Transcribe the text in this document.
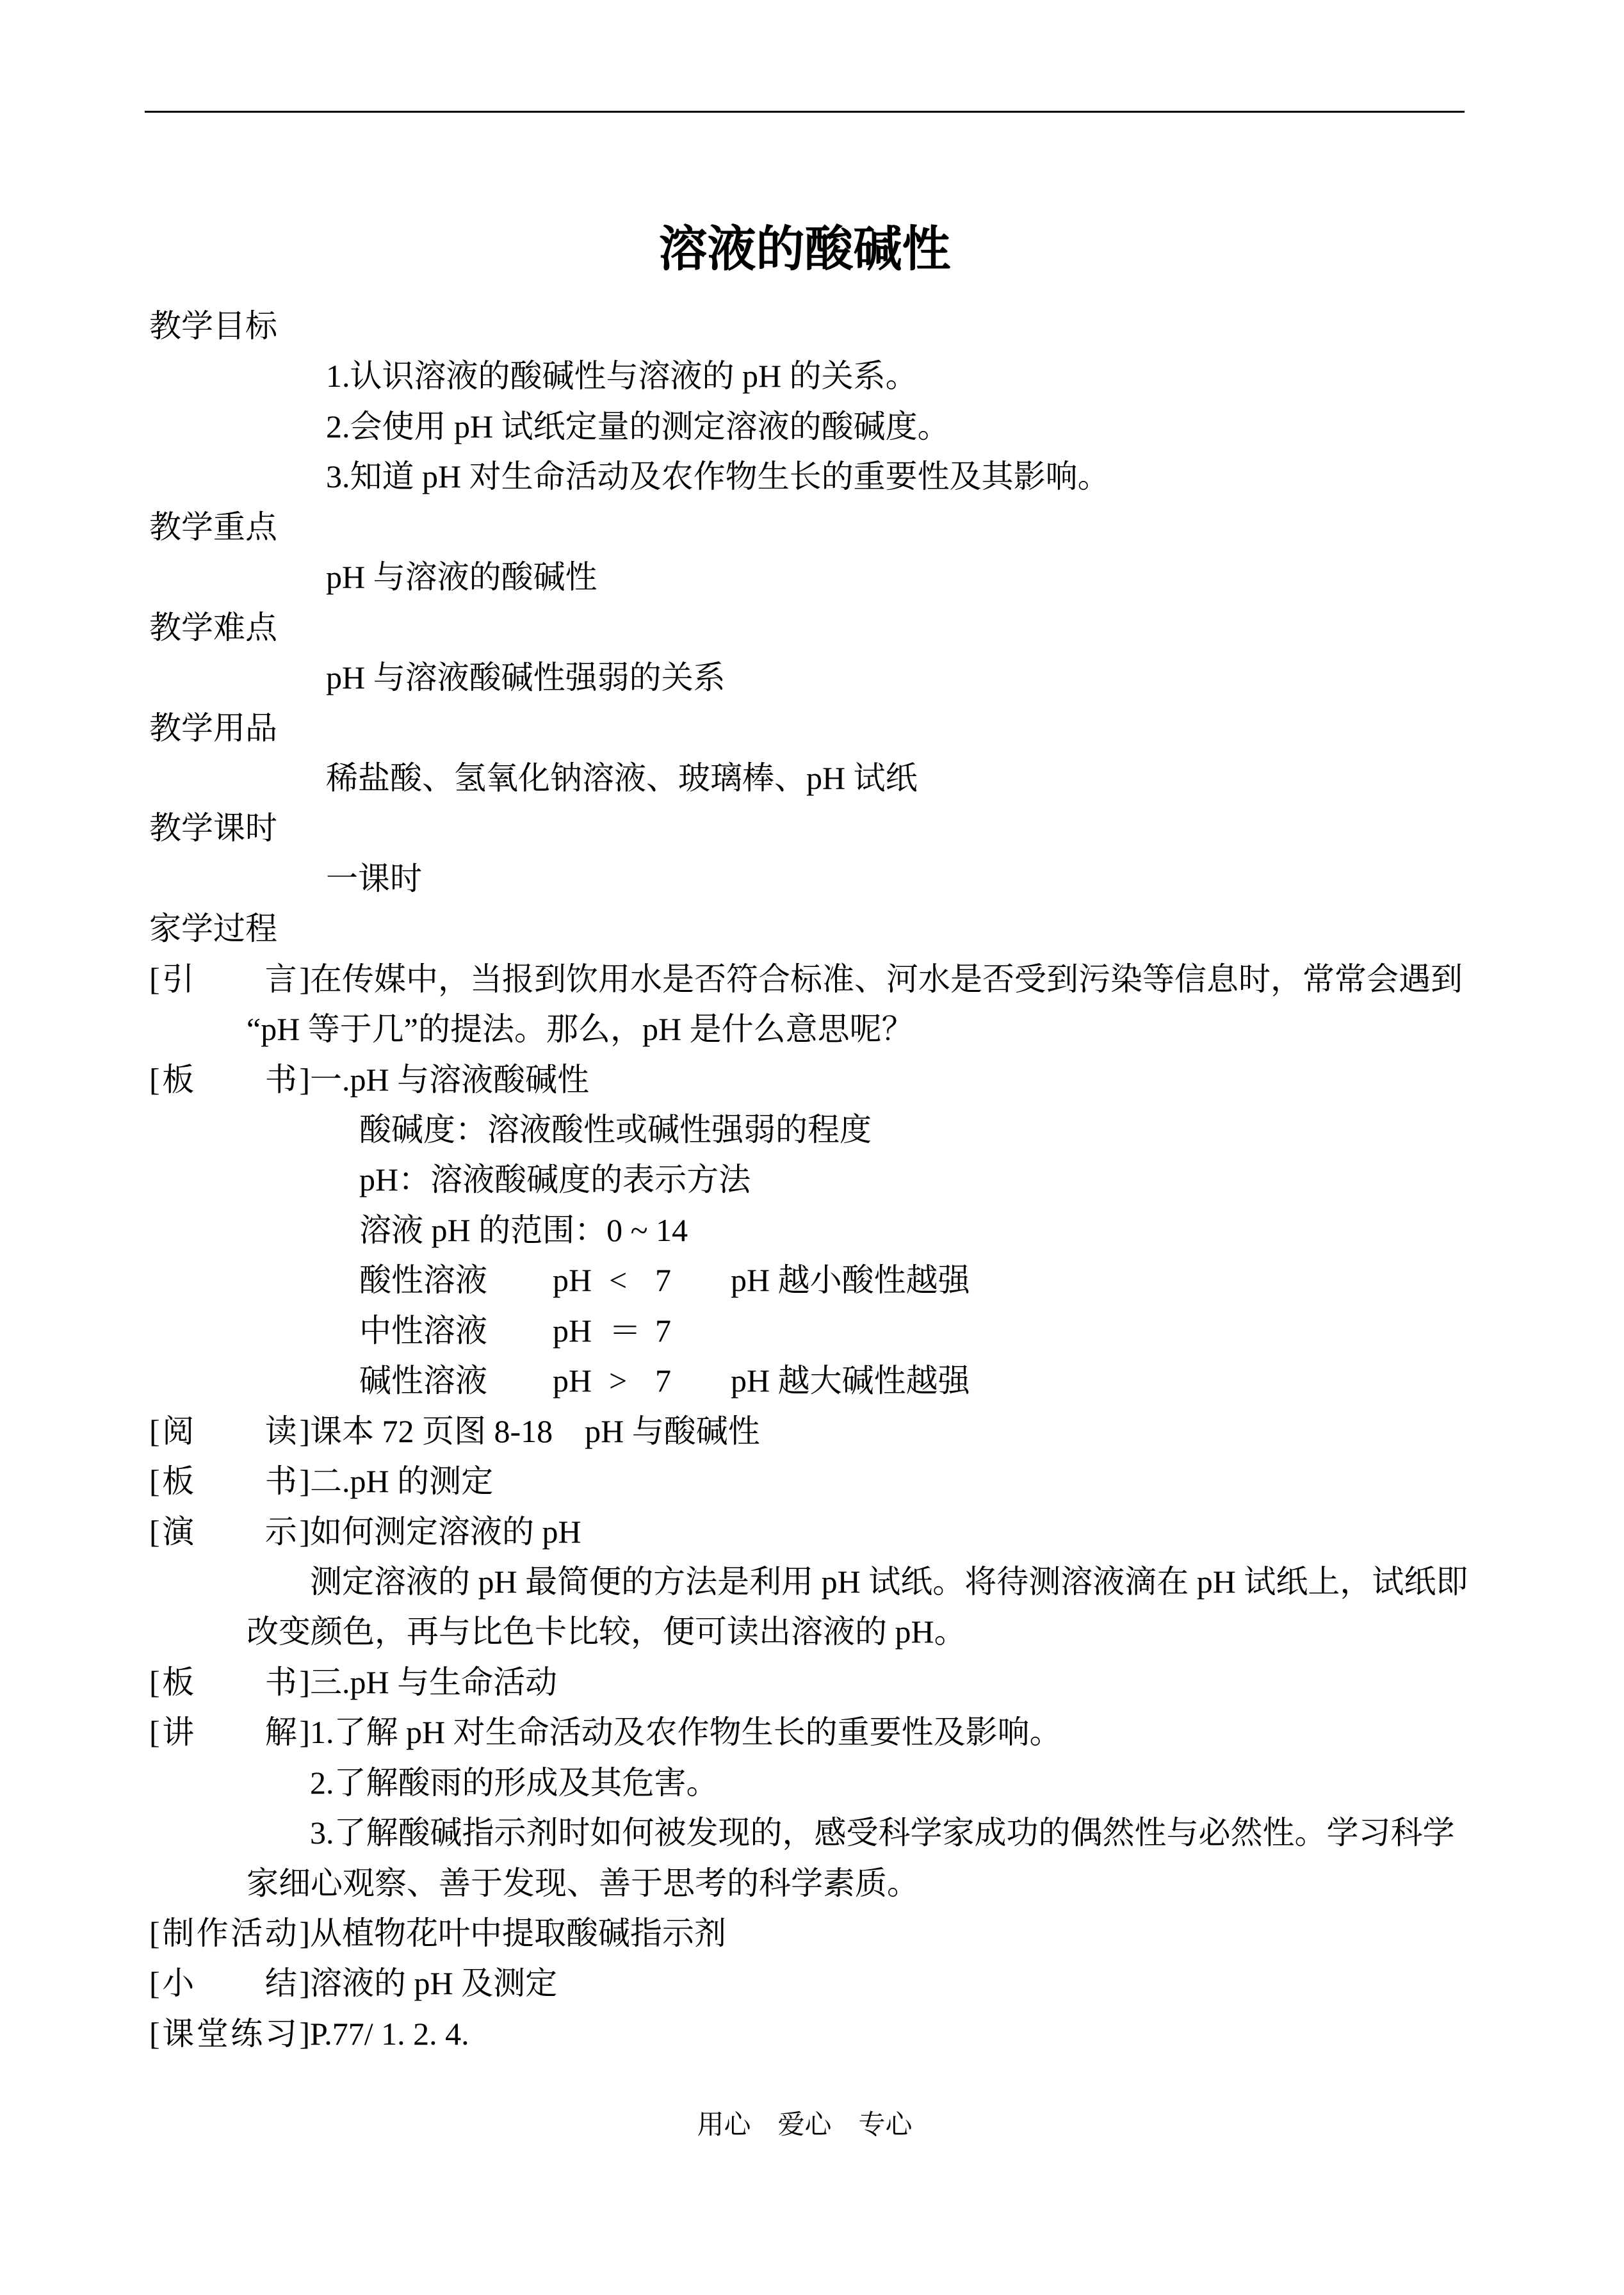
溶液的酸碱性
教学目标
1.认识溶液的酸碱性与溶液的 pH 的关系。
2.会使用 pH 试纸定量的测定溶液的酸碱度。
3.知道 pH 对生命活动及农作物生长的重要性及其影响。
教学重点
pH 与溶液的酸碱性
教学难点
pH 与溶液酸碱性强弱的关系
教学用品
稀盐酸、氢氧化钠溶液、玻璃棒、pH 试纸
教学课时
一课时
家学过程
[引　　言]在传媒中，当报到饮用水是否符合标准、河水是否受到污染等信息时，常常会遇到
“pH 等于几”的提法。那么，pH 是什么意思呢？
[板　　书]一.pH 与溶液酸碱性
酸碱度：溶液酸性或碱性强弱的程度
pH：溶液酸碱度的表示方法
溶液 pH 的范围：0 ~ 14
酸性溶液 pH < 7 pH 越小酸性越强
中性溶液 pH ＝ 7
碱性溶液 pH > 7 pH 越大碱性越强
[阅　　读]课本 72 页图 8-18　pH 与酸碱性
[板　　书]二.pH 的测定
[演　　示]如何测定溶液的 pH
测定溶液的 pH 最简便的方法是利用 pH 试纸。将待测溶液滴在 pH 试纸上，试纸即
改变颜色，再与比色卡比较，便可读出溶液的 pH。
[板　　书]三.pH 与生命活动
[讲　　解]1.了解 pH 对生命活动及农作物生长的重要性及影响。
2.了解酸雨的形成及其危害。
3.了解酸碱指示剂时如何被发现的，感受科学家成功的偶然性与必然性。学习科学
家细心观察、善于发现、善于思考的科学素质。
[制作活动]从植物花叶中提取酸碱指示剂
[小　　结]溶液的 pH 及测定
[课堂练习]P.77/ 1. 2. 4.
用心　爱心　专心
